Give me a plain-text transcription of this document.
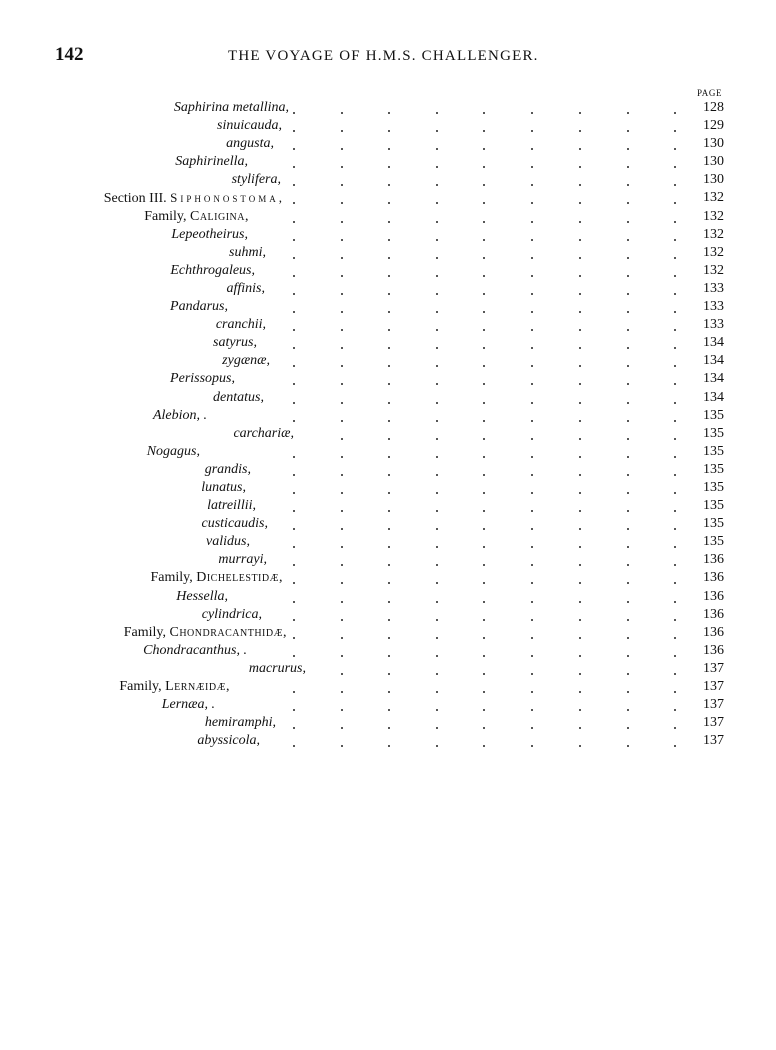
142	THE VOYAGE OF H.M.S. CHALLENGER.
PAGE
Saphirina metallina,	128
sinuicauda,	129
angusta,	130
Saphirinella,	130
stylifera,	130
Section III. Siphonostoma,	132
Family, Caligina,	132
Lepeotheirus,	132
suhmi,	132
Echthrogaleus,	132
affinis,	133
Pandarus,	133
cranchii,	133
satyrus,	134
zygænæ,	134
Perissopus,	134
dentatus,	134
Alebion, .	135
carchariæ,	135
Nogagus,	135
grandis,	135
lunatus,	135
latreillii,	135
custicaudis,	135
validus,	135
murrayi,	136
Family, Dichelestidæ,	136
Hessella,	136
cylindrica,	136
Family, Chondracanthidæ,	136
Chondracanthus, .	136
macrurus,	137
Family, Lernæidæ,	137
Lernæa, .	137
hemiramphi,	137
abyssicola,	137
